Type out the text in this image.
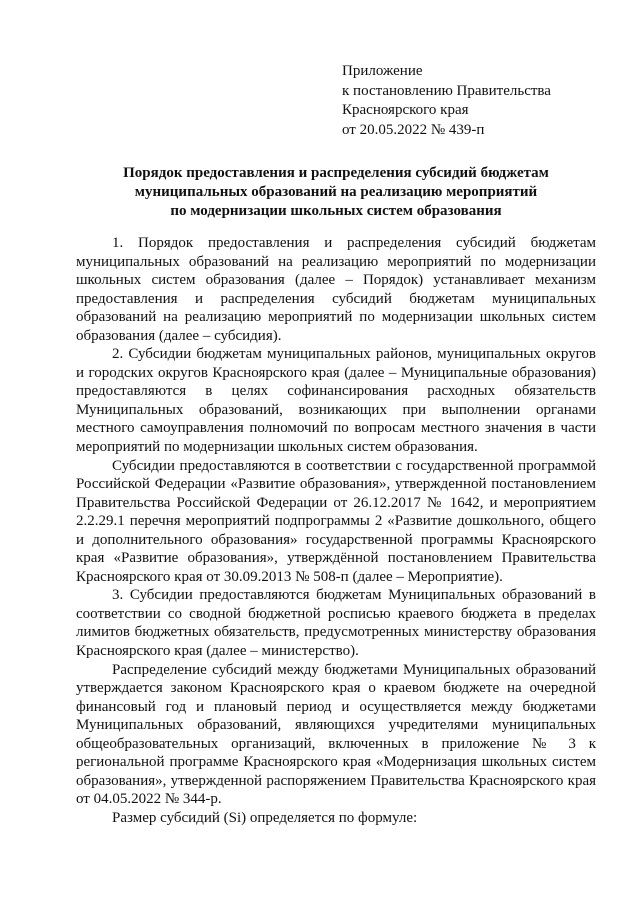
Приложение
к постановлению Правительства
Красноярского края
от 20.05.2022 № 439-п
Порядок предоставления и распределения субсидий бюджетам
муниципальных образований на реализацию мероприятий
по модернизации школьных систем образования

1. Порядок предоставления и распределения субсидий бюджетам муниципальных образований на реализацию мероприятий по модернизации школьных систем образования (далее – Порядок) устанавливает механизм предоставления и распределения субсидий бюджетам муниципальных образований на реализацию мероприятий по модернизации школьных систем образования (далее – субсидия).

2. Субсидии бюджетам муниципальных районов, муниципальных округов и городских округов Красноярского края (далее – Муниципальные образования) предоставляются в целях софинансирования расходных обязательств Муниципальных образований, возникающих при выполнении органами местного самоуправления полномочий по вопросам местного значения в части мероприятий по модернизации школьных систем образования.

Субсидии предоставляются в соответствии с государственной программой Российской Федерации «Развитие образования», утвержденной постановлением Правительства Российской Федерации от 26.12.2017 № 1642, и мероприятием 2.2.29.1 перечня мероприятий подпрограммы 2 «Развитие дошкольного, общего и дополнительного образования» государственной программы Красноярского края «Развитие образования», утверждённой постановлением Правительства Красноярского края от 30.09.2013 № 508-п (далее – Мероприятие).

3. Субсидии предоставляются бюджетам Муниципальных образований в соответствии со сводной бюджетной росписью краевого бюджета в пределах лимитов бюджетных обязательств, предусмотренных министерству образования Красноярского края (далее – министерство).

Распределение субсидий между бюджетами Муниципальных образований утверждается законом Красноярского края о краевом бюджете на очередной финансовый год и плановый период и осуществляется между бюджетами Муниципальных образований, являющихся учредителями муниципальных общеобразовательных организаций, включенных в приложение № 3 к региональной программе Красноярского края «Модернизация школьных систем образования», утвержденной распоряжением Правительства Красноярского края от 04.05.2022 № 344-р.

Размер субсидий (Si) определяется по формуле:
